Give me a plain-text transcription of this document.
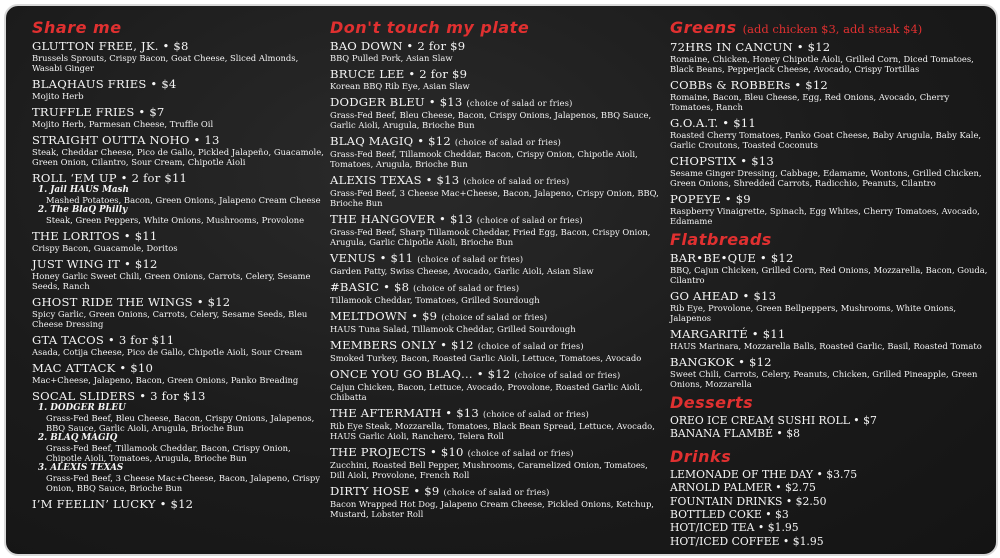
Share me
GLUTTON FREE, JK. • $8
Brussels Sprouts, Crispy Bacon, Goat Cheese, Sliced Almonds, Wasabi Ginger
BLAQHAUS FRIES • $4
Mojito Herb
TRUFFLE FRIES • $7
Mojito Herb, Parmesan Cheese, Truffle Oil
STRAIGHT OUTTA NOHO • 13
Steak, Cheddar Cheese, Pico de Gallo, Pickled Jalapeño, Guacamole, Green Onion, Cilantro, Sour Cream, Chipotle Aioli
ROLL ‘EM UP • 2 for $11
1. Jail HAUS Mash
Mashed Potatoes, Bacon, Green Onions, Jalapeno Cream Cheese
2. The BlaQ Philly
Steak, Green Peppers, White Onions, Mushrooms, Provolone
THE LORITOS • $11
Crispy Bacon, Guacamole, Doritos
JUST WING IT • $12
Honey Garlic Sweet Chili, Green Onions, Carrots, Celery, Sesame Seeds, Ranch
GHOST RIDE THE WINGS • $12
Spicy Garlic, Green Onions, Carrots, Celery, Sesame Seeds, Bleu Cheese Dressing
GTA TACOS • 3 for $11
Asada, Cotija Cheese, Pico de Gallo, Chipotle Aioli, Sour Cream
MAC ATTACK • $10
Mac+Cheese, Jalapeno, Bacon, Green Onions, Panko Breading
SOCAL SLIDERS • 3 for $13
1. DODGER BLEU
Grass-Fed Beef, Bleu Cheese, Bacon, Crispy Onions, Jalapenos, BBQ Sauce, Garlic Aioli, Arugula, Brioche Bun
2. BLAQ MAGIQ
Grass-Fed Beef, Tillamook Cheddar, Bacon, Crispy Onion, Chipotle Aioli, Tomatoes, Arugula, Brioche Bun
3. ALEXIS TEXAS
Grass-Fed Beef, 3 Cheese Mac+Cheese, Bacon, Jalapeno, Crispy Onion, BBQ Sauce, Brioche Bun
I’M FEELIN’ LUCKY • $12
Don't touch my plate
BAO DOWN • 2 for $9
BBQ Pulled Pork, Asian Slaw
BRUCE LEE • 2 for $9
Korean BBQ Rib Eye, Asian Slaw
DODGER BLEU • $13 (choice of salad or fries)
Grass-Fed Beef, Bleu Cheese, Bacon, Crispy Onions, Jalapenos, BBQ Sauce, Garlic Aioli, Arugula, Brioche Bun
BLAQ MAGIQ • $12 (choice of salad or fries)
Grass-Fed Beef, Tillamook Cheddar, Bacon, Crispy Onion, Chipotle Aioli, Tomatoes, Arugula, Brioche Bun
ALEXIS TEXAS • $13 (choice of salad or fries)
Grass-Fed Beef, 3 Cheese Mac+Cheese, Bacon, Jalapeno, Crispy Onion, BBQ, Brioche Bun
THE HANGOVER • $13 (choice of salad or fries)
Grass-Fed Beef, Sharp Tillamook Cheddar, Fried Egg, Bacon, Crispy Onion, Arugula, Garlic Chipotle Aioli, Brioche Bun
VENUS • $11 (choice of salad or fries)
Garden Patty, Swiss Cheese, Avocado, Garlic Aioli, Asian Slaw
#BASIC • $8 (choice of salad or fries)
Tillamook Cheddar, Tomatoes, Grilled Sourdough
MELTDOWN • $9 (choice of salad or fries)
HAUS Tuna Salad, Tillamook Cheddar, Grilled Sourdough
MEMBERS ONLY • $12 (choice of salad or fries)
Smoked Turkey, Bacon, Roasted Garlic Aioli, Lettuce, Tomatoes, Avocado
ONCE YOU GO BLAQ… • $12 (choice of salad or fries)
Cajun Chicken, Bacon, Lettuce, Avocado, Provolone, Roasted Garlic Aioli, Chibatta
THE AFTERMATH • $13 (choice of salad or fries)
Rib Eye Steak, Mozzarella, Tomatoes, Black Bean Spread, Lettuce, Avocado, HAUS Garlic Aioli, Ranchero, Telera Roll
THE PROJECTS • $10 (choice of salad or fries)
Zucchini, Roasted Bell Pepper, Mushrooms, Caramelized Onion, Tomatoes, Dill Aioli, Provolone, French Roll
DIRTY HOSE • $9 (choice of salad or fries)
Bacon Wrapped Hot Dog, Jalapeno Cream Cheese, Pickled Onions, Ketchup, Mustard, Lobster Roll
Greens (add chicken $3, add steak $4)
72HRS IN CANCUN • $12
Romaine, Chicken, Honey Chipotle Aioli, Grilled Corn, Diced Tomatoes, Black Beans, Pepperjack Cheese, Avocado, Crispy Tortillas
COBBs & ROBBERs • $12
Romaine, Bacon, Bleu Cheese, Egg, Red Onions, Avocado, Cherry Tomatoes, Ranch
G.O.A.T. • $11
Roasted Cherry Tomatoes, Panko Goat Cheese, Baby Arugula, Baby Kale, Garlic Croutons, Toasted Coconuts
CHOPSTIX • $13
Sesame Ginger Dressing, Cabbage, Edamame, Wontons, Grilled Chicken, Green Onions, Shredded Carrots, Radicchio, Peanuts, Cilantro
POPEYE • $9
Raspberry Vinaigrette, Spinach, Egg Whites, Cherry Tomatoes, Avocado, Edamame
Flatbreads
BAR•BE•QUE • $12
BBQ, Cajun Chicken, Grilled Corn, Red Onions, Mozzarella, Bacon, Gouda, Cilantro
GO AHEAD • $13
Rib Eye, Provolone, Green Bellpeppers, Mushrooms, White Onions, Jalapenos
MARGARITÉ • $11
HAUS Marinara, Mozzarella Balls, Roasted Garlic, Basil, Roasted Tomato
BANGKOK • $12
Sweet Chili, Carrots, Celery, Peanuts, Chicken, Grilled Pineapple, Green Onions, Mozzarella
Desserts
OREO ICE CREAM SUSHI ROLL • $7
BANANA FLAMBÉ • $8
Drinks
LEMONADE OF THE DAY • $3.75
ARNOLD PALMER • $2.75
FOUNTAIN DRINKS • $2.50
BOTTLED COKE • $3
HOT/ICED TEA • $1.95
HOT/ICED COFFEE • $1.95
